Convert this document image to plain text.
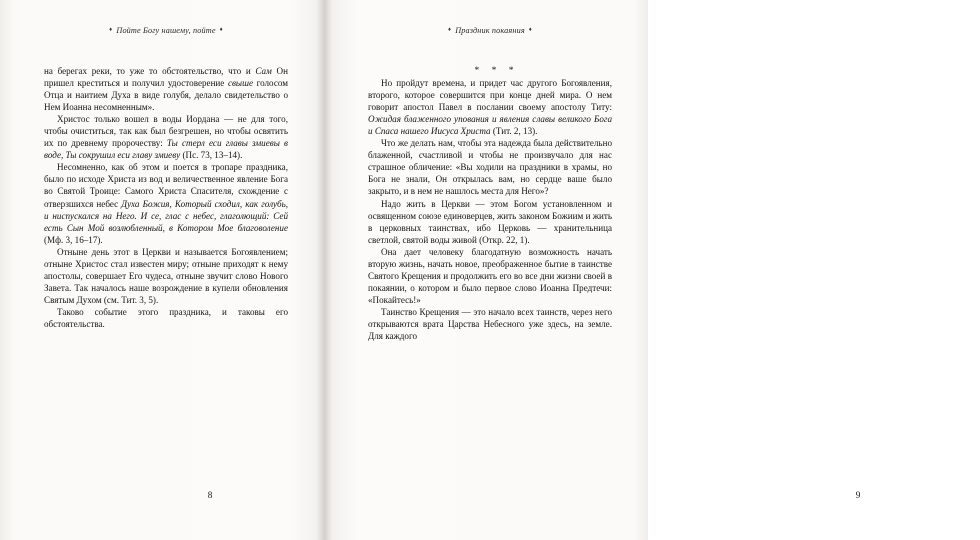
♦ Пойте Богу нашему, пойте ♦

на берегах реки, то уже то обстоятельство, что и Сам Он пришел креститься и получил удостоверение свыше голосом Отца и наитием Духа в виде голубя, делало свидетельство о Нем Иоанна несомненным».

Христос только вошел в воды Иордана — не для того, чтобы очиститься, так как был безгрешен, но чтобы освятить их по древнему пророчеству: Ты стерл еси главы змиевы в воде, Ты сокрушил еси главу змиеву (Пс. 73, 13–14).

Несомненно, как об этом и поется в тропаре праздника, было по исходе Христа из вод и величественное явление Бога во Святой Троице: Самого Христа Спасителя, схождение с отверзшихся небес Духа Божия, Который сходил, как голубь, и ниспускался на Него. И се, глас с небес, глаголющий: Сей есть Сын Мой возлюбленный, в Котором Мое благоволение (Мф. 3, 16–17).

Отныне день этот в Церкви и называется Богоявлением; отныне Христос стал известен миру; отныне приходят к нему апостолы, совершает Его чудеса, отныне звучит слово Нового Завета. Так началось наше возрождение в купели обновления Святым Духом (см. Тит. 3, 5).

Таково событие этого праздника, и таковы его обстоятельства.

8
♦ Праздник покаяния ♦

* * *

Но пройдут времена, и придет час другого Богоявления, второго, которое совершится при конце дней мира. О нем говорит апостол Павел в послании своему апостолу Титу: Ожидая блаженного упования и явления славы великого Бога и Спаса нашего Иисуса Христа (Тит. 2, 13).

Что же делать нам, чтобы эта надежда была действительно блаженной, счастливой и чтобы не произвучало для нас страшное обличение: «Вы ходили на праздники в храмы, но Бога не знали, Он открылась вам, но сердце ваше было закрыто, и в нем не нашлось места для Него»?

Надо жить в Церкви — этом Богом установленном и освященном союзе единоверцев, жить законом Божиим и жить в церковных таинствах, ибо Церковь — хранительница светлой, святой воды живой (Откр. 22, 1).

Она дает человеку благодатную возможность начать вторую жизнь, начать новое, преображенное бытие в таинстве Святого Крещения и продолжить его во все дни жизни своей в покаянии, о котором и было первое слово Иоанна Предтечи: «Покайтесь!»

Таинство Крещения — это начало всех таинств, через него открываются врата Царства Небесного уже здесь, на земле. Для каждого

9
